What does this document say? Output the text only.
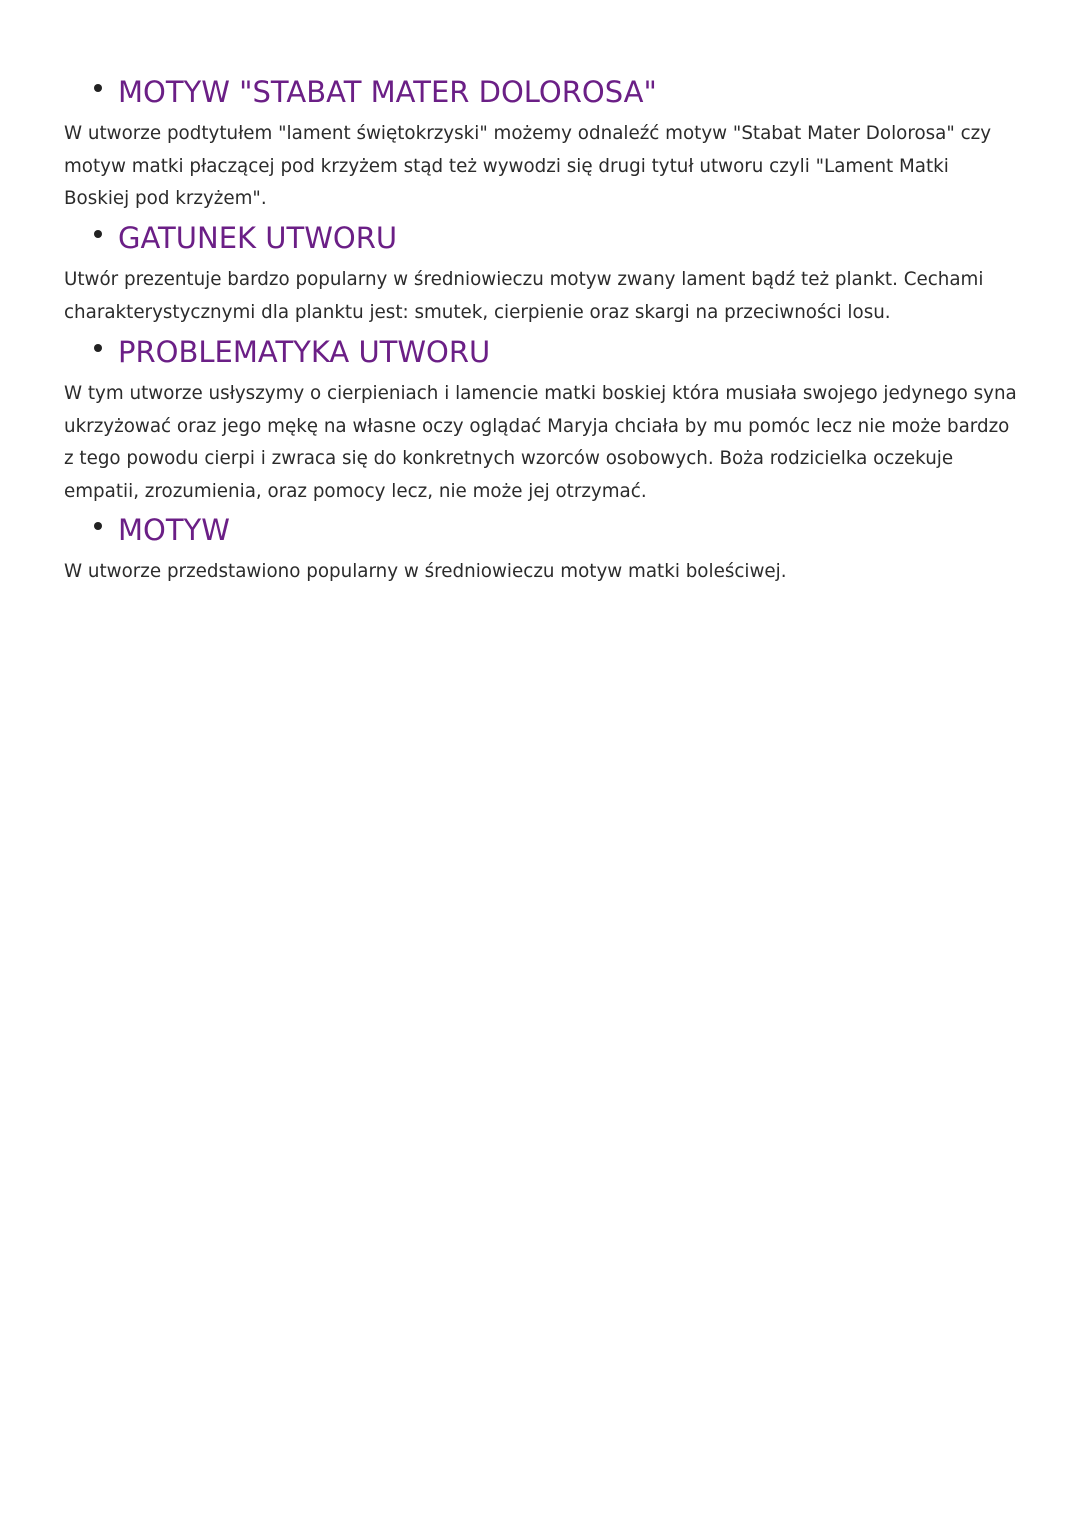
MOTYW "STABAT MATER DOLOROSA"

W utworze podtytułem "lament świętokrzyski" możemy odnaleźć motyw "Stabat Mater Dolorosa" czy motyw matki płaczącej pod krzyżem stąd też wywodzi się drugi tytuł utworu czyli "Lament Matki Boskiej pod krzyżem".

GATUNEK UTWORU

Utwór prezentuje bardzo popularny w średniowieczu motyw zwany lament bądź też plankt. Cechami charakterystycznymi dla planktu jest: smutek, cierpienie oraz skargi na przeciwności losu.

PROBLEMATYKA UTWORU

W tym utworze usłyszymy o cierpieniach i lamencie matki boskiej która musiała swojego jedynego syna ukrzyżować oraz jego mękę na własne oczy oglądać Maryja chciała by mu pomóc lecz nie może bardzo z tego powodu cierpi i zwraca się do konkretnych wzorców osobowych. Boża rodzicielka oczekuje empatii, zrozumienia, oraz pomocy lecz, nie może jej otrzymać.

MOTYW

W utworze przedstawiono popularny w średniowieczu motyw matki boleściwej.
